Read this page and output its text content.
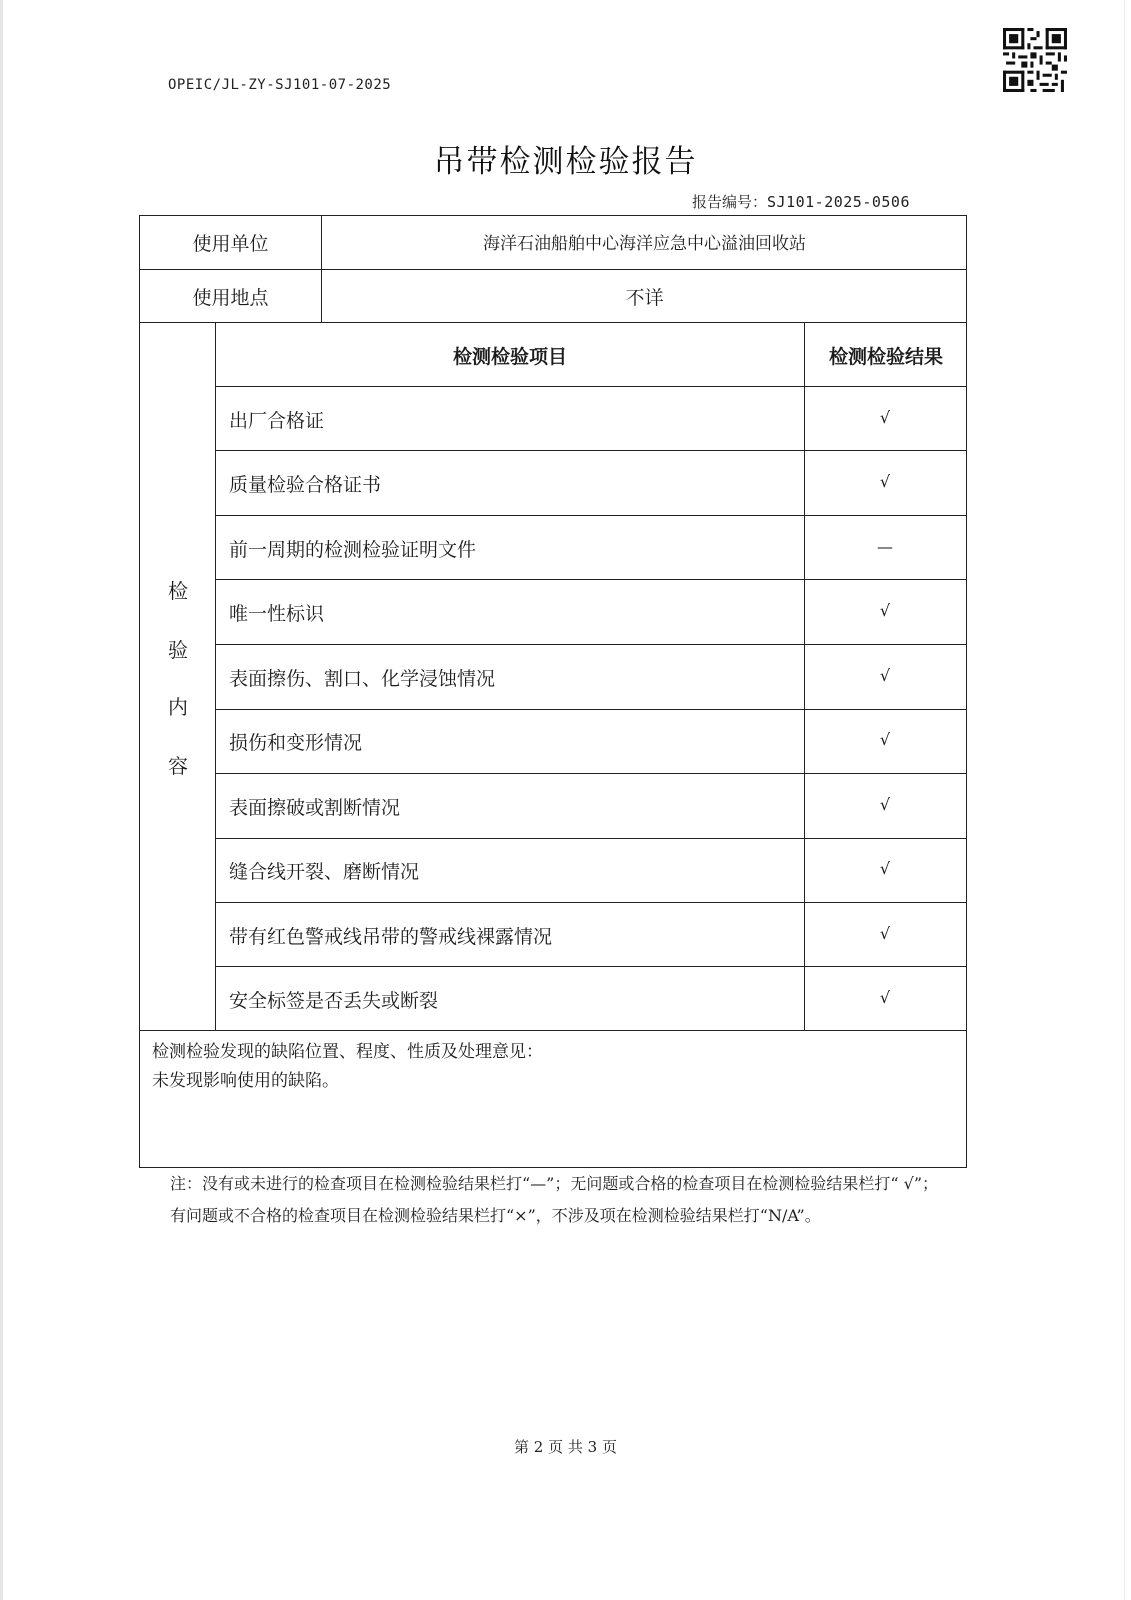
OPEIC/JL-ZY-SJ101-07-2025
吊带检测检验报告
报告编号：SJ101-2025-0506
使用单位	海洋石油船舶中心海洋应急中心溢油回收站
使用地点	不详
检
验
内
容
检测检验项目	检测检验结果
出厂合格证	√
质量检验合格证书	√
前一周期的检测检验证明文件	—
唯一性标识	√
表面擦伤、割口、化学浸蚀情况	√
损伤和变形情况	√
表面擦破或割断情况	√
缝合线开裂、磨断情况	√
带有红色警戒线吊带的警戒线裸露情况	√
安全标签是否丢失或断裂	√
检测检验发现的缺陷位置、程度、性质及处理意见：
未发现影响使用的缺陷。
注：没有或未进行的检查项目在检测检验结果栏打“—”；无问题或合格的检查项目在检测检验结果栏打“ √”；有问题或不合格的检查项目在检测检验结果栏打“×”，不涉及项在检测检验结果栏打“N/A”。
第 2 页 共 3 页
